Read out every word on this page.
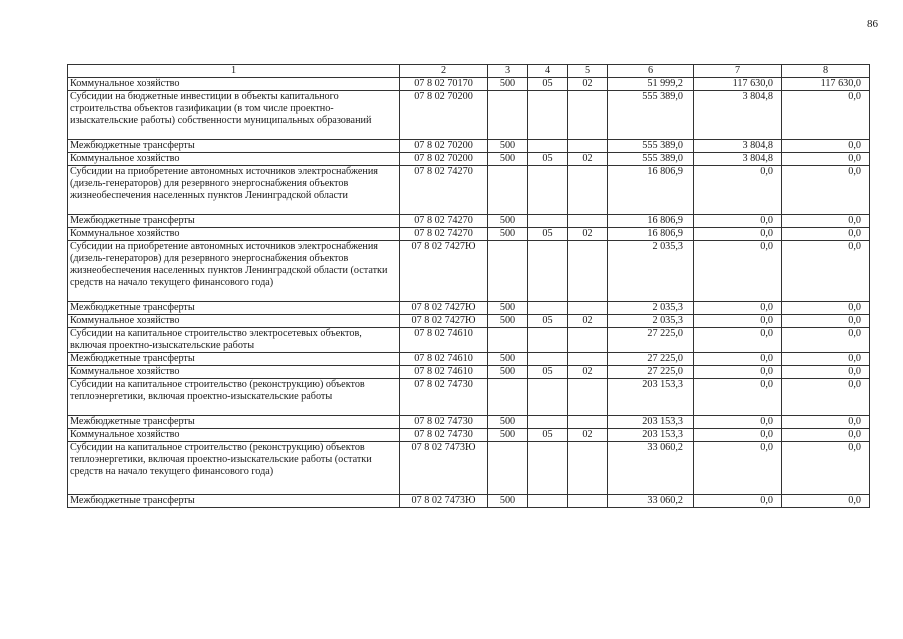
86
1	2	3	4	5	6	7	8
Коммунальное хозяйство	07 8 02 70170	500	05	02	51 999,2	117 630,0	117 630,0
Субсидии на бюджетные инвестиции в объекты капитального строительства объектов газификации (в том числе проектно-изыскательские работы) собственности муниципальных образований	07 8 02 70200				555 389,0	3 804,8	0,0
Межбюджетные трансферты	07 8 02 70200	500			555 389,0	3 804,8	0,0
Коммунальное хозяйство	07 8 02 70200	500	05	02	555 389,0	3 804,8	0,0
Субсидии на приобретение автономных источников электроснабжения (дизель-генераторов) для резервного энергоснабжения объектов жизнеобеспечения населенных пунктов Ленинградской области	07 8 02 74270				16 806,9	0,0	0,0
Межбюджетные трансферты	07 8 02 74270	500			16 806,9	0,0	0,0
Коммунальное хозяйство	07 8 02 74270	500	05	02	16 806,9	0,0	0,0
Субсидии на приобретение автономных источников электроснабжения (дизель-генераторов) для резервного энергоснабжения объектов жизнеобеспечения населенных пунктов Ленинградской области (остатки средств на начало текущего финансового года)	07 8 02 7427Ю				2 035,3	0,0	0,0
Межбюджетные трансферты	07 8 02 7427Ю	500			2 035,3	0,0	0,0
Коммунальное хозяйство	07 8 02 7427Ю	500	05	02	2 035,3	0,0	0,0
Субсидии на капитальное строительство электросетевых объектов, включая проектно-изыскательские работы	07 8 02 74610				27 225,0	0,0	0,0
Межбюджетные трансферты	07 8 02 74610	500			27 225,0	0,0	0,0
Коммунальное хозяйство	07 8 02 74610	500	05	02	27 225,0	0,0	0,0
Субсидии на капитальное строительство (реконструкцию) объектов теплоэнергетики, включая проектно-изыскательские работы	07 8 02 74730				203 153,3	0,0	0,0
Межбюджетные трансферты	07 8 02 74730	500			203 153,3	0,0	0,0
Коммунальное хозяйство	07 8 02 74730	500	05	02	203 153,3	0,0	0,0
Субсидии на капитальное строительство (реконструкцию) объектов теплоэнергетики, включая проектно-изыскательские работы (остатки средств на начало текущего финансового года)	07 8 02 7473Ю				33 060,2	0,0	0,0
Межбюджетные трансферты	07 8 02 7473Ю	500			33 060,2	0,0	0,0
